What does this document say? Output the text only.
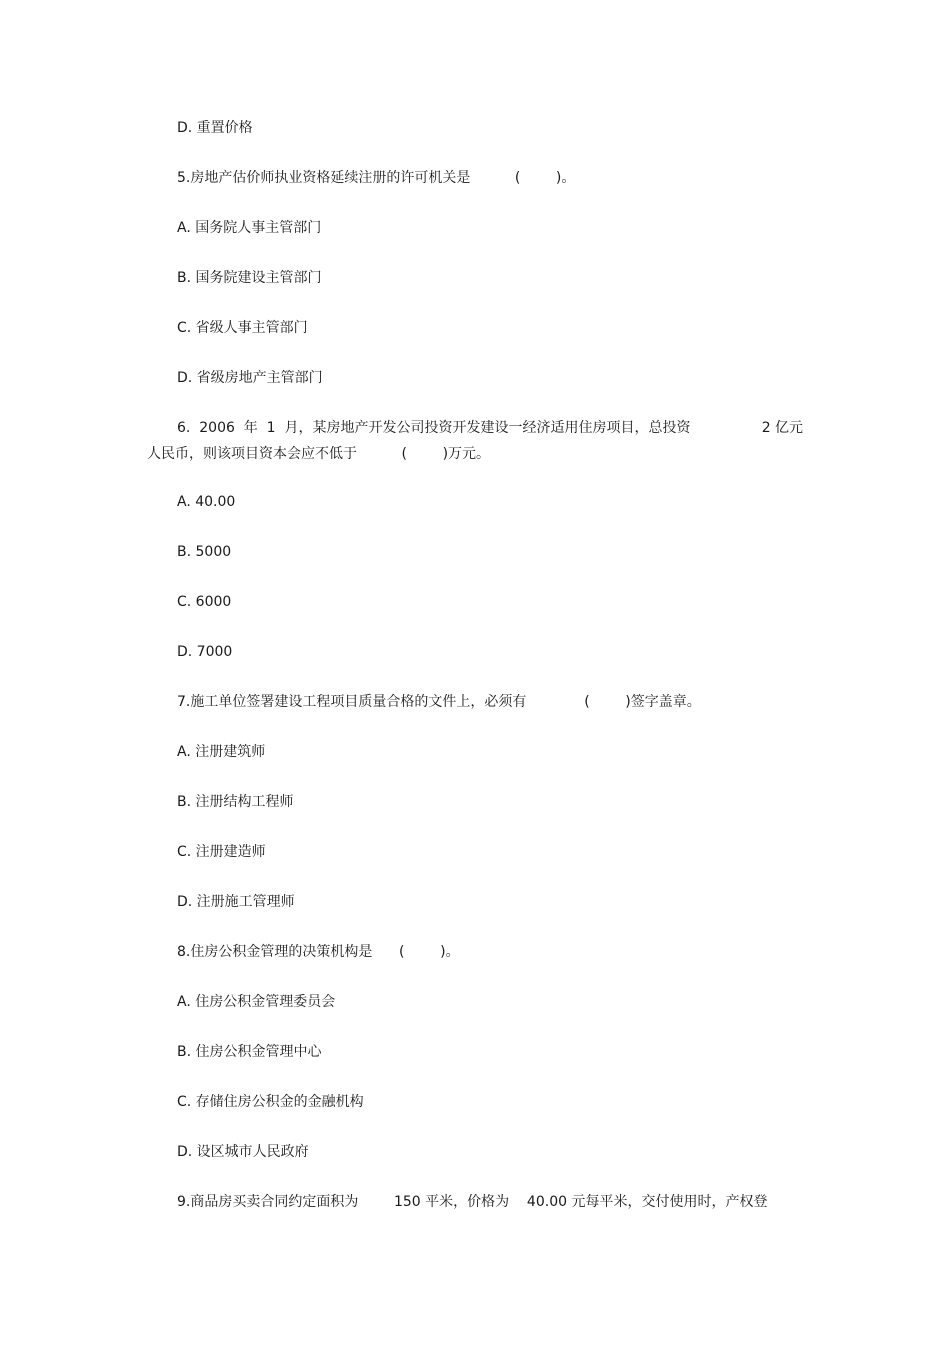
D. 重置价格
5.房地产估价师执业资格延续注册的许可机关是          (        )。
A. 国务院人事主管部门
B. 国务院建设主管部门
C. 省级人事主管部门
D. 省级房地产主管部门
6.  2006  年  1  月，某房地产开发公司投资开发建设一经济适用住房项目，总投资                2 亿元
人民币，则该项目资本会应不低于          (        )万元。
A. 40.00
B. 5000
C. 6000
D. 7000
7.施工单位签署建设工程项目质量合格的文件上，必须有             (        )签字盖章。
A. 注册建筑师
B. 注册结构工程师
C. 注册建造师
D. 注册施工管理师
8.住房公积金管理的决策机构是      (        )。
A. 住房公积金管理委员会
B. 住房公积金管理中心
C. 存储住房公积金的金融机构
D. 设区城市人民政府
9.商品房买卖合同约定面积为        150 平米，价格为    40.00 元每平米，交付使用时，产权登
